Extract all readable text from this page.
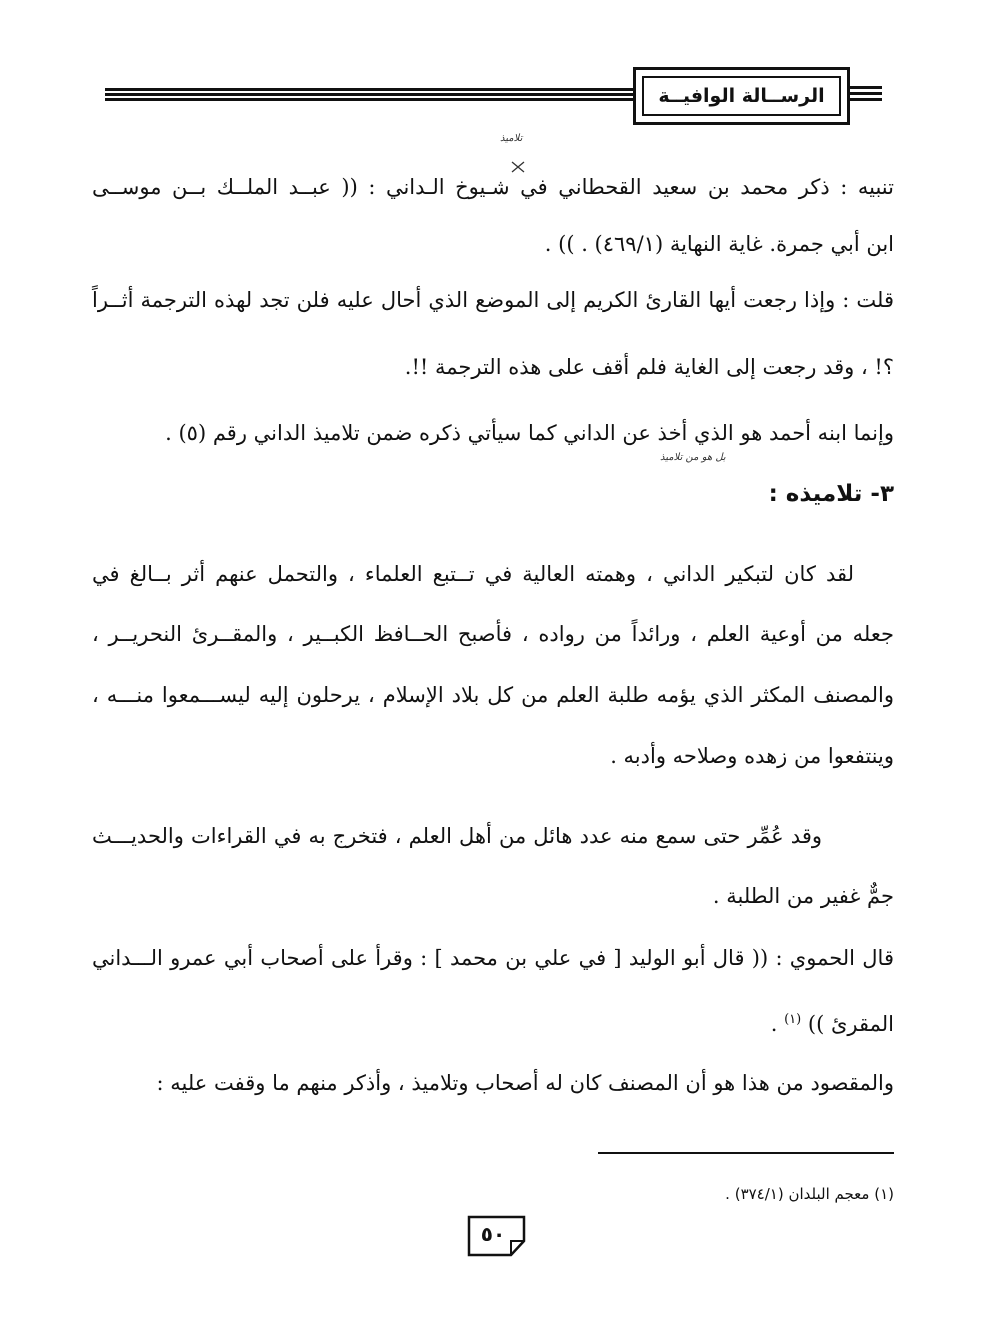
الرســالة الوافيــة
تلاميذ
تنبيه : ذكر محمد بن سعيد القحطاني في شـيوخ الـداني : (( عبــد الملــك بــن موســى
ابن أبي جمرة. غاية النهاية (٤٦٩/١) . )) .
قلت : وإذا رجعت أيها القارئ الكريم إلى الموضع الذي أحال عليه فلن تجد لهذه الترجمة أثــراً
؟! ، وقد رجعت إلى الغاية فلم أقف على هذه الترجمة !!.
وإنما ابنه أحمد هو الذي أخذ عن الداني كما سيأتي ذكره ضمن تلاميذ الداني رقم (٥) .
بل هو من تلاميذ
٣- تلاميذه :
لقد كان لتبكير الداني ، وهمته العالية في تــتبع العلماء ، والتحمل عنهم أثر بــالغ في
جعله من أوعية العلم ، ورائداً من رواده ، فأصبح الحــافظ الكبــير ، والمقــرئ النحريــر ،
والمصنف المكثر الذي يؤمه طلبة العلم من كل بلاد الإسلام ، يرحلون إليه ليســـمعوا منـــه ،
وينتفعوا من زهده وصلاحه وأدبه .
وقد عُمِّر حتى سمع منه عدد هائل من أهل العلم ، فتخرج به في القراءات والحديـــث
جمٌّ غفير من الطلبة .
قال الحموي : (( قال أبو الوليد [ في علي بن محمد ] : وقرأ على أصحاب أبي عمرو الـــداني
المقرئ )) $^{(١)}$ .
والمقصود من هذا هو أن المصنف كان له أصحاب وتلاميذ ، وأذكر منهم ما وقفت عليه :
(١) معجم البلدان (٣٧٤/١) .
٥٠
